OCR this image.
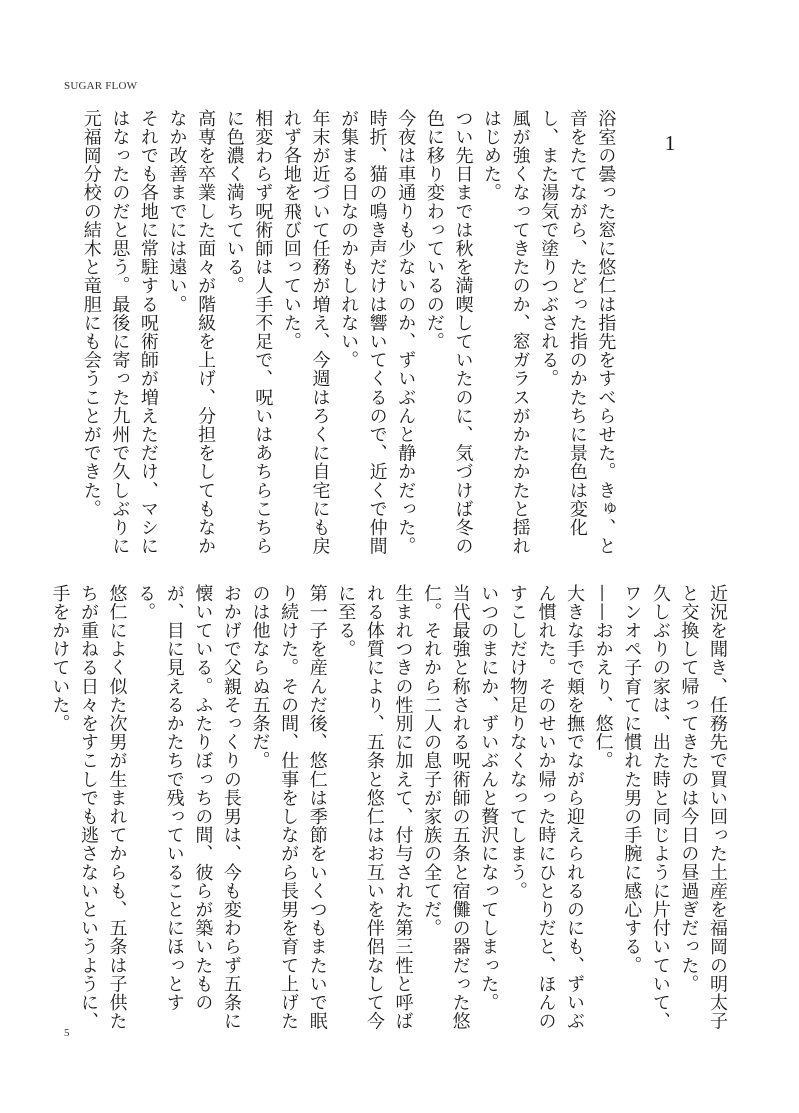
SUGAR FLOW
1

浴室の曇った窓に悠仁は指先をすべらせた。きゅ、と音をたてながら、たどった指のかたちに景色は変化し、また湯気で塗りつぶされる。

風が強くなってきたのか、窓ガラスがかたかたと揺れはじめた。

つい先日までは秋を満喫していたのに、気づけば冬の色に移り変わっているのだ。

今夜は車通りも少ないのか、ずいぶんと静かだった。時折、猫の鳴き声だけは響いてくるので、近くで仲間が集まる日なのかもしれない。

年末が近づいて任務が増え、今週はろくに自宅にも戻れず各地を飛び回っていた。

相変わらず呪術師は人手不足で、呪いはあちらこちらに色濃く満ちている。

高専を卒業した面々が階級を上げ、分担をしてもなかなか改善までには遠い。

それでも各地に常駐する呪術師が増えただけ、マシにはなったのだと思う。最後に寄った九州で久しぶりに元福岡分校の結木と竜胆にも会うことができた。

近況を聞き、任務先で買い回った土産を福岡の明太子と交換して帰ってきたのは今日の昼過ぎだった。

久しぶりの家は、出た時と同じように片付いていて、ワンオペ子育てに慣れた男の手腕に感心する。

——おかえり、悠仁。

大きな手で頬を撫でながら迎えられるのにも、ずいぶん慣れた。そのせいか帰った時にひとりだと、ほんのすこしだけ物足りなくなってしまう。

いつのまにか、ずいぶんと贅沢になってしまった。

当代最強と称される呪術師の五条と宿儺の器だった悠仁。それから二人の息子が家族の全てだ。

生まれつきの性別に加えて、付与された第三性と呼ばれる体質により、五条と悠仁はお互いを伴侶なして今に至る。

第一子を産んだ後、悠仁は季節をいくつもまたいで眠り続けた。その間、仕事をしながら長男を育て上げたのは他ならぬ五条だ。

おかげで父親そっくりの長男は、今も変わらず五条に懐いている。ふたりぼっちの間、彼らが築いたものが、目に見えるかたちで残っていることにほっとする。

悠仁によく似た次男が生まれてからも、五条は子供たちが重ねる日々をすこしでも逃さないというように、手をかけていた。

5
